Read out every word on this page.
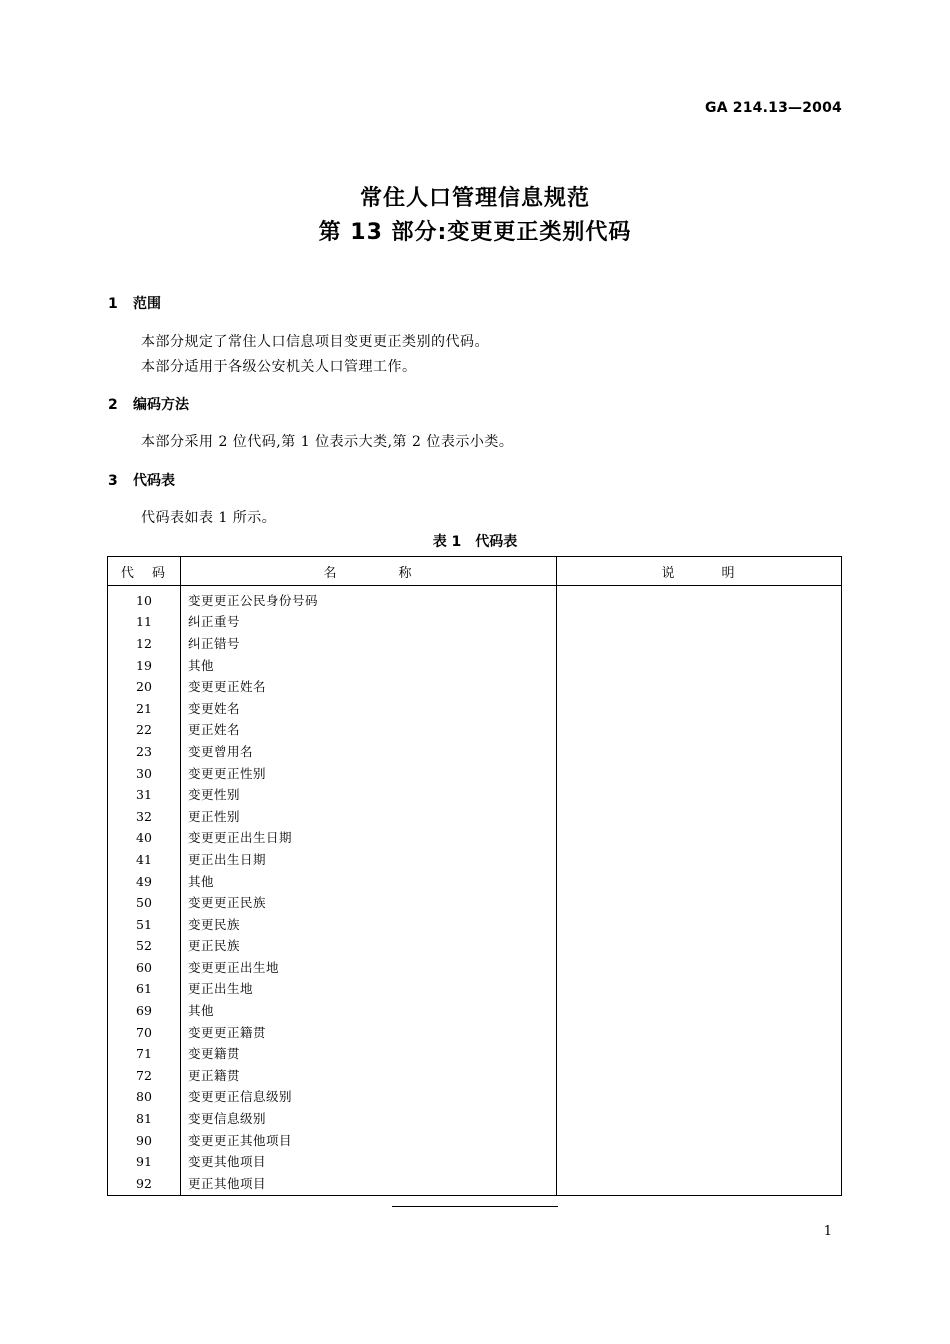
GA 214.13—2004
常住人口管理信息规范
第 13 部分:变更更正类别代码
1 范围
本部分规定了常住人口信息项目变更更正类别的代码。
本部分适用于各级公安机关人口管理工作。
2 编码方法
本部分采用 2 位代码,第 1 位表示大类,第 2 位表示小类。
3 代码表
代码表如表 1 所示。
表 1　代码表
代 码	名　　　　称	说　　　明
10	变更更正公民身份号码	
11	纠正重号	
12	纠正错号	
19	其他	
20	变更更正姓名	
21	变更姓名	
22	更正姓名	
23	变更曾用名	
30	变更更正性别	
31	变更性别	
32	更正性别	
40	变更更正出生日期	
41	更正出生日期	
49	其他	
50	变更更正民族	
51	变更民族	
52	更正民族	
60	变更更正出生地	
61	更正出生地	
69	其他	
70	变更更正籍贯	
71	变更籍贯	
72	更正籍贯	
80	变更更正信息级别	
81	变更信息级别	
90	变更更正其他项目	
91	变更其他项目	
92	更正其他项目	
1
